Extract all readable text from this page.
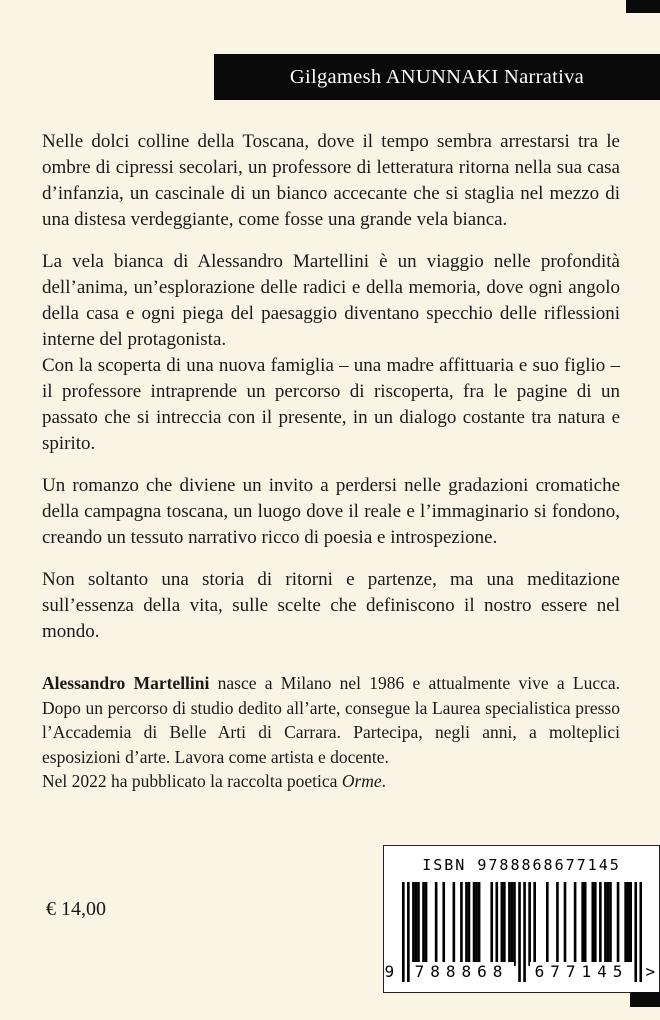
Gilgamesh ANUNNAKI Narrativa

Nelle dolci colline della Toscana, dove il tempo sembra arrestarsi tra le ombre di cipressi secolari, un professore di letteratura ritorna nella sua casa d’infanzia, un cascinale di un bianco accecante che si staglia nel mezzo di una distesa verdeggiante, come fosse una grande vela bianca.

La vela bianca di Alessandro Martellini è un viaggio nelle profondità dell’anima, un’esplorazione delle radici e della memoria, dove ogni angolo della casa e ogni piega del paesaggio diventano specchio delle riflessioni interne del protagonista.

Con la scoperta di una nuova famiglia – una madre affittuaria e suo figlio – il professore intraprende un percorso di riscoperta, fra le pagine di un passato che si intreccia con il presente, in un dialogo costante tra natura e spirito.

Un romanzo che diviene un invito a perdersi nelle gradazioni cromatiche della campagna toscana, un luogo dove il reale e l’immaginario si fondono, creando un tessuto narrativo ricco di poesia e introspezione.

Non soltanto una storia di ritorni e partenze, ma una meditazione sull’essenza della vita, sulle scelte che definiscono il nostro essere nel mondo.

Alessandro Martellini nasce a Milano nel 1986 e attualmente vive a Lucca. Dopo un percorso di studio dedito all’arte, consegue la Laurea specialistica presso l’Accademia di Belle Arti di Carrara. Partecipa, negli anni, a molteplici esposizioni d’arte. Lavora come artista e docente.

Nel 2022 ha pubblicato la raccolta poetica Orme.

€ 14,00
ISBN 9788868677145
9	788868	677145	>
